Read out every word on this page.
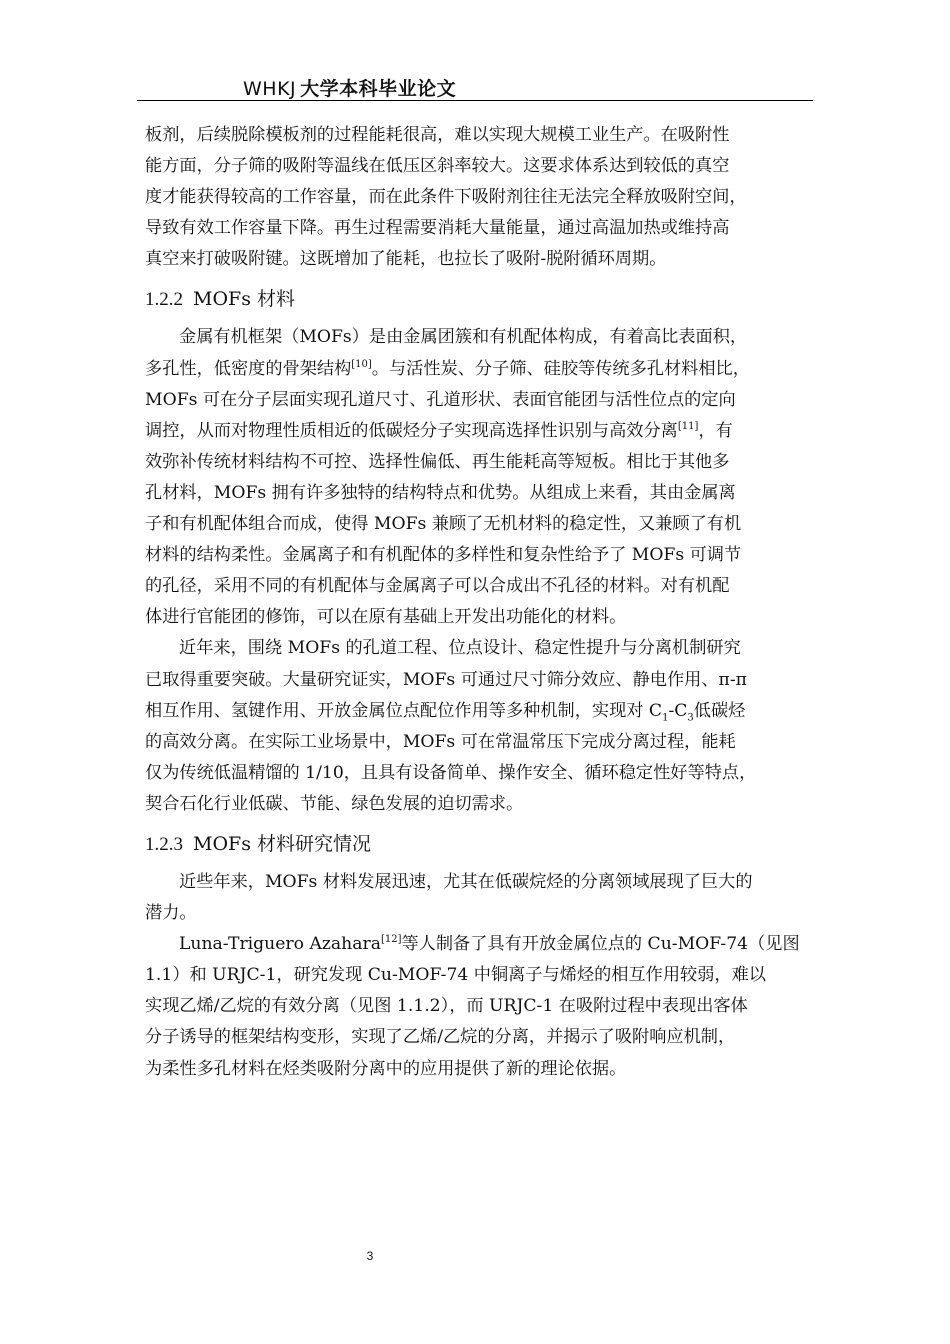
WHKJ 大学本科毕业论文

板剂，后续脱除模板剂的过程能耗很高，难以实现大规模工业生产。在吸附性
能方面，分子筛的吸附等温线在低压区斜率较大。这要求体系达到较低的真空
度才能获得较高的工作容量，而在此条件下吸附剂往往无法完全释放吸附空间，
导致有效工作容量下降。再生过程需要消耗大量能量，通过高温加热或维持高
真空来打破吸附键。这既增加了能耗，也拉长了吸附-脱附循环周期。

1.2.2 MOFs 材料

金属有机框架（MOFs）是由金属团簇和有机配体构成，有着高比表面积，
多孔性，低密度的骨架结构[10]。与活性炭、分子筛、硅胶等传统多孔材料相比，
MOFs 可在分子层面实现孔道尺寸、孔道形状、表面官能团与活性位点的定向
调控，从而对物理性质相近的低碳烃分子实现高选择性识别与高效分离[11]，有
效弥补传统材料结构不可控、选择性偏低、再生能耗高等短板。相比于其他多
孔材料，MOFs 拥有许多独特的结构特点和优势。从组成上来看，其由金属离
子和有机配体组合而成，使得 MOFs 兼顾了无机材料的稳定性，又兼顾了有机
材料的结构柔性。金属离子和有机配体的多样性和复杂性给予了 MOFs 可调节
的孔径，采用不同的有机配体与金属离子可以合成出不孔径的材料。对有机配
体进行官能团的修饰，可以在原有基础上开发出功能化的材料。

近年来，围绕 MOFs 的孔道工程、位点设计、稳定性提升与分离机制研究
已取得重要突破。大量研究证实，MOFs 可通过尺寸筛分效应、静电作用、π-π
相互作用、氢键作用、开放金属位点配位作用等多种机制，实现对 $C_1-C_3$低碳烃
的高效分离。在实际工业场景中，MOFs 可在常温常压下完成分离过程，能耗
仅为传统低温精馏的 1/10，且具有设备简单、操作安全、循环稳定性好等特点，
契合石化行业低碳、节能、绿色发展的迫切需求。

1.2.3 MOFs 材料研究情况

近些年来，MOFs 材料发展迅速，尤其在低碳烷烃的分离领域展现了巨大的
潜力。

Luna-Triguero Azahara[12]等人制备了具有开放金属位点的 Cu-MOF-74（见图
1.1）和 URJC-1，研究发现 Cu-MOF-74 中铜离子与烯烃的相互作用较弱，难以
实现乙烯/乙烷的有效分离（见图 1.1.2），而 URJC-1 在吸附过程中表现出客体
分子诱导的框架结构变形，实现了乙烯/乙烷的分离，并揭示了吸附响应机制，
为柔性多孔材料在烃类吸附分离中的应用提供了新的理论依据。

3
